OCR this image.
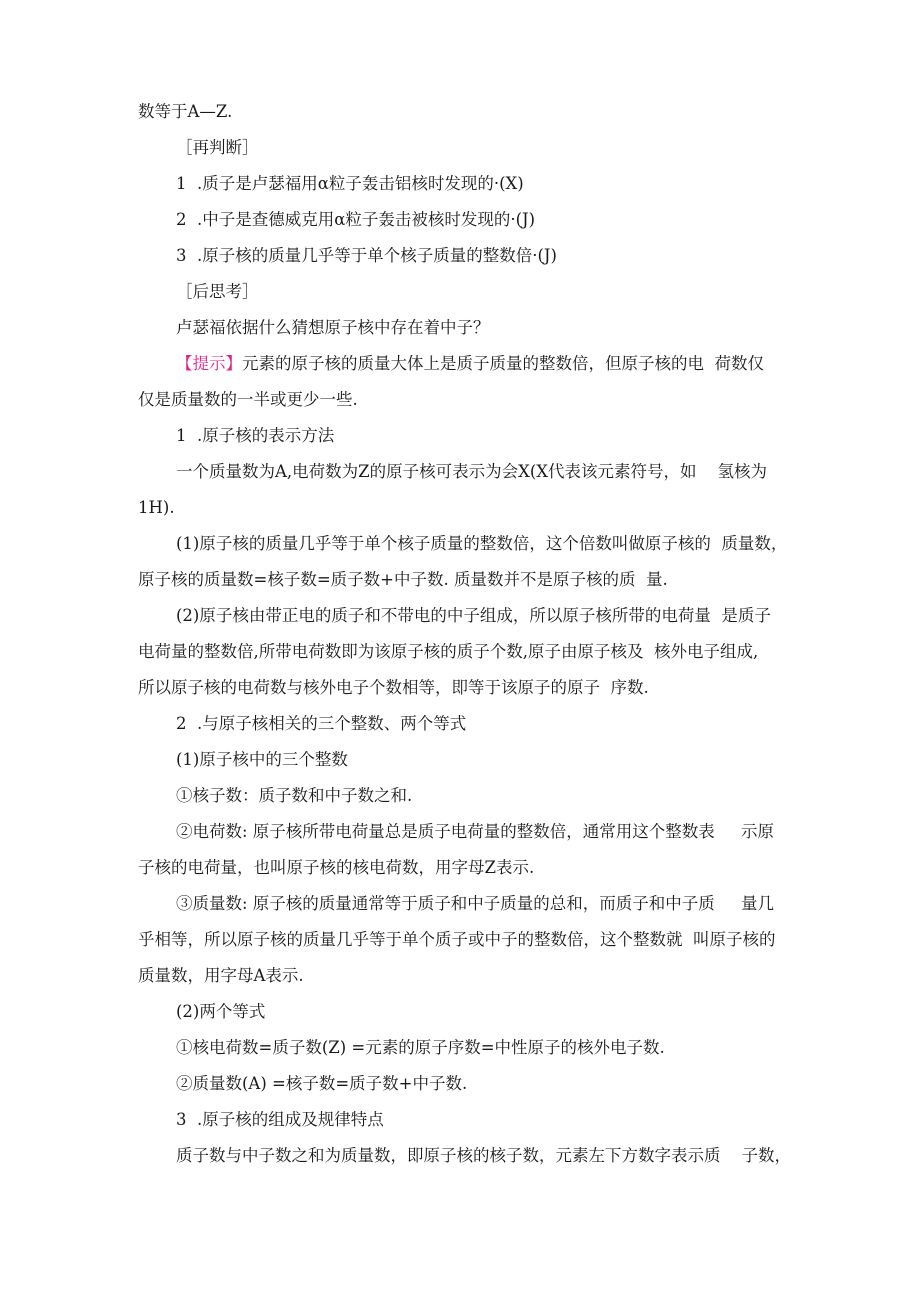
数等于A—Z.
［再判断］
1  .质子是卢瑟福用α粒子轰击铝核时发现的·(X)
2  .中子是查德威克用α粒子轰击被核时发现的·(J)
3  .原子核的质量几乎等于单个核子质量的整数倍·(J)
［后思考］
卢瑟福依据什么猜想原子核中存在着中子？
【提示】元素的原子核的质量大体上是质子质量的整数倍，但原子核的电  荷数仅
仅是质量数的一半或更少一些.
1  .原子核的表示方法
一个质量数为A,电荷数为Z的原子核可表示为会X(X代表该元素符号，如    氢核为
1H).
(1)原子核的质量几乎等于单个核子质量的整数倍，这个倍数叫做原子核的  质量数，
原子核的质量数=核子数=质子数+中子数. 质量数并不是原子核的质  量.
(2)原子核由带正电的质子和不带电的中子组成，所以原子核所带的电荷量  是质子
电荷量的整数倍,所带电荷数即为该原子核的质子个数,原子由原子核及  核外电子组成,
所以原子核的电荷数与核外电子个数相等，即等于该原子的原子  序数.
2  .与原子核相关的三个整数、两个等式
(1)原子核中的三个整数
①核子数：质子数和中子数之和.
②电荷数: 原子核所带电荷量总是质子电荷量的整数倍，通常用这个整数表     示原
子核的电荷量，也叫原子核的核电荷数，用字母Z表示.
③质量数: 原子核的质量通常等于质子和中子质量的总和，而质子和中子质     量几
乎相等，所以原子核的质量几乎等于单个质子或中子的整数倍，这个整数就  叫原子核的
质量数，用字母A表示.
(2)两个等式
①核电荷数=质子数(Z) =元素的原子序数=中性原子的核外电子数.
②质量数(A) =核子数=质子数+中子数.
3  .原子核的组成及规律特点
质子数与中子数之和为质量数，即原子核的核子数，元素左下方数字表示质    子数，
